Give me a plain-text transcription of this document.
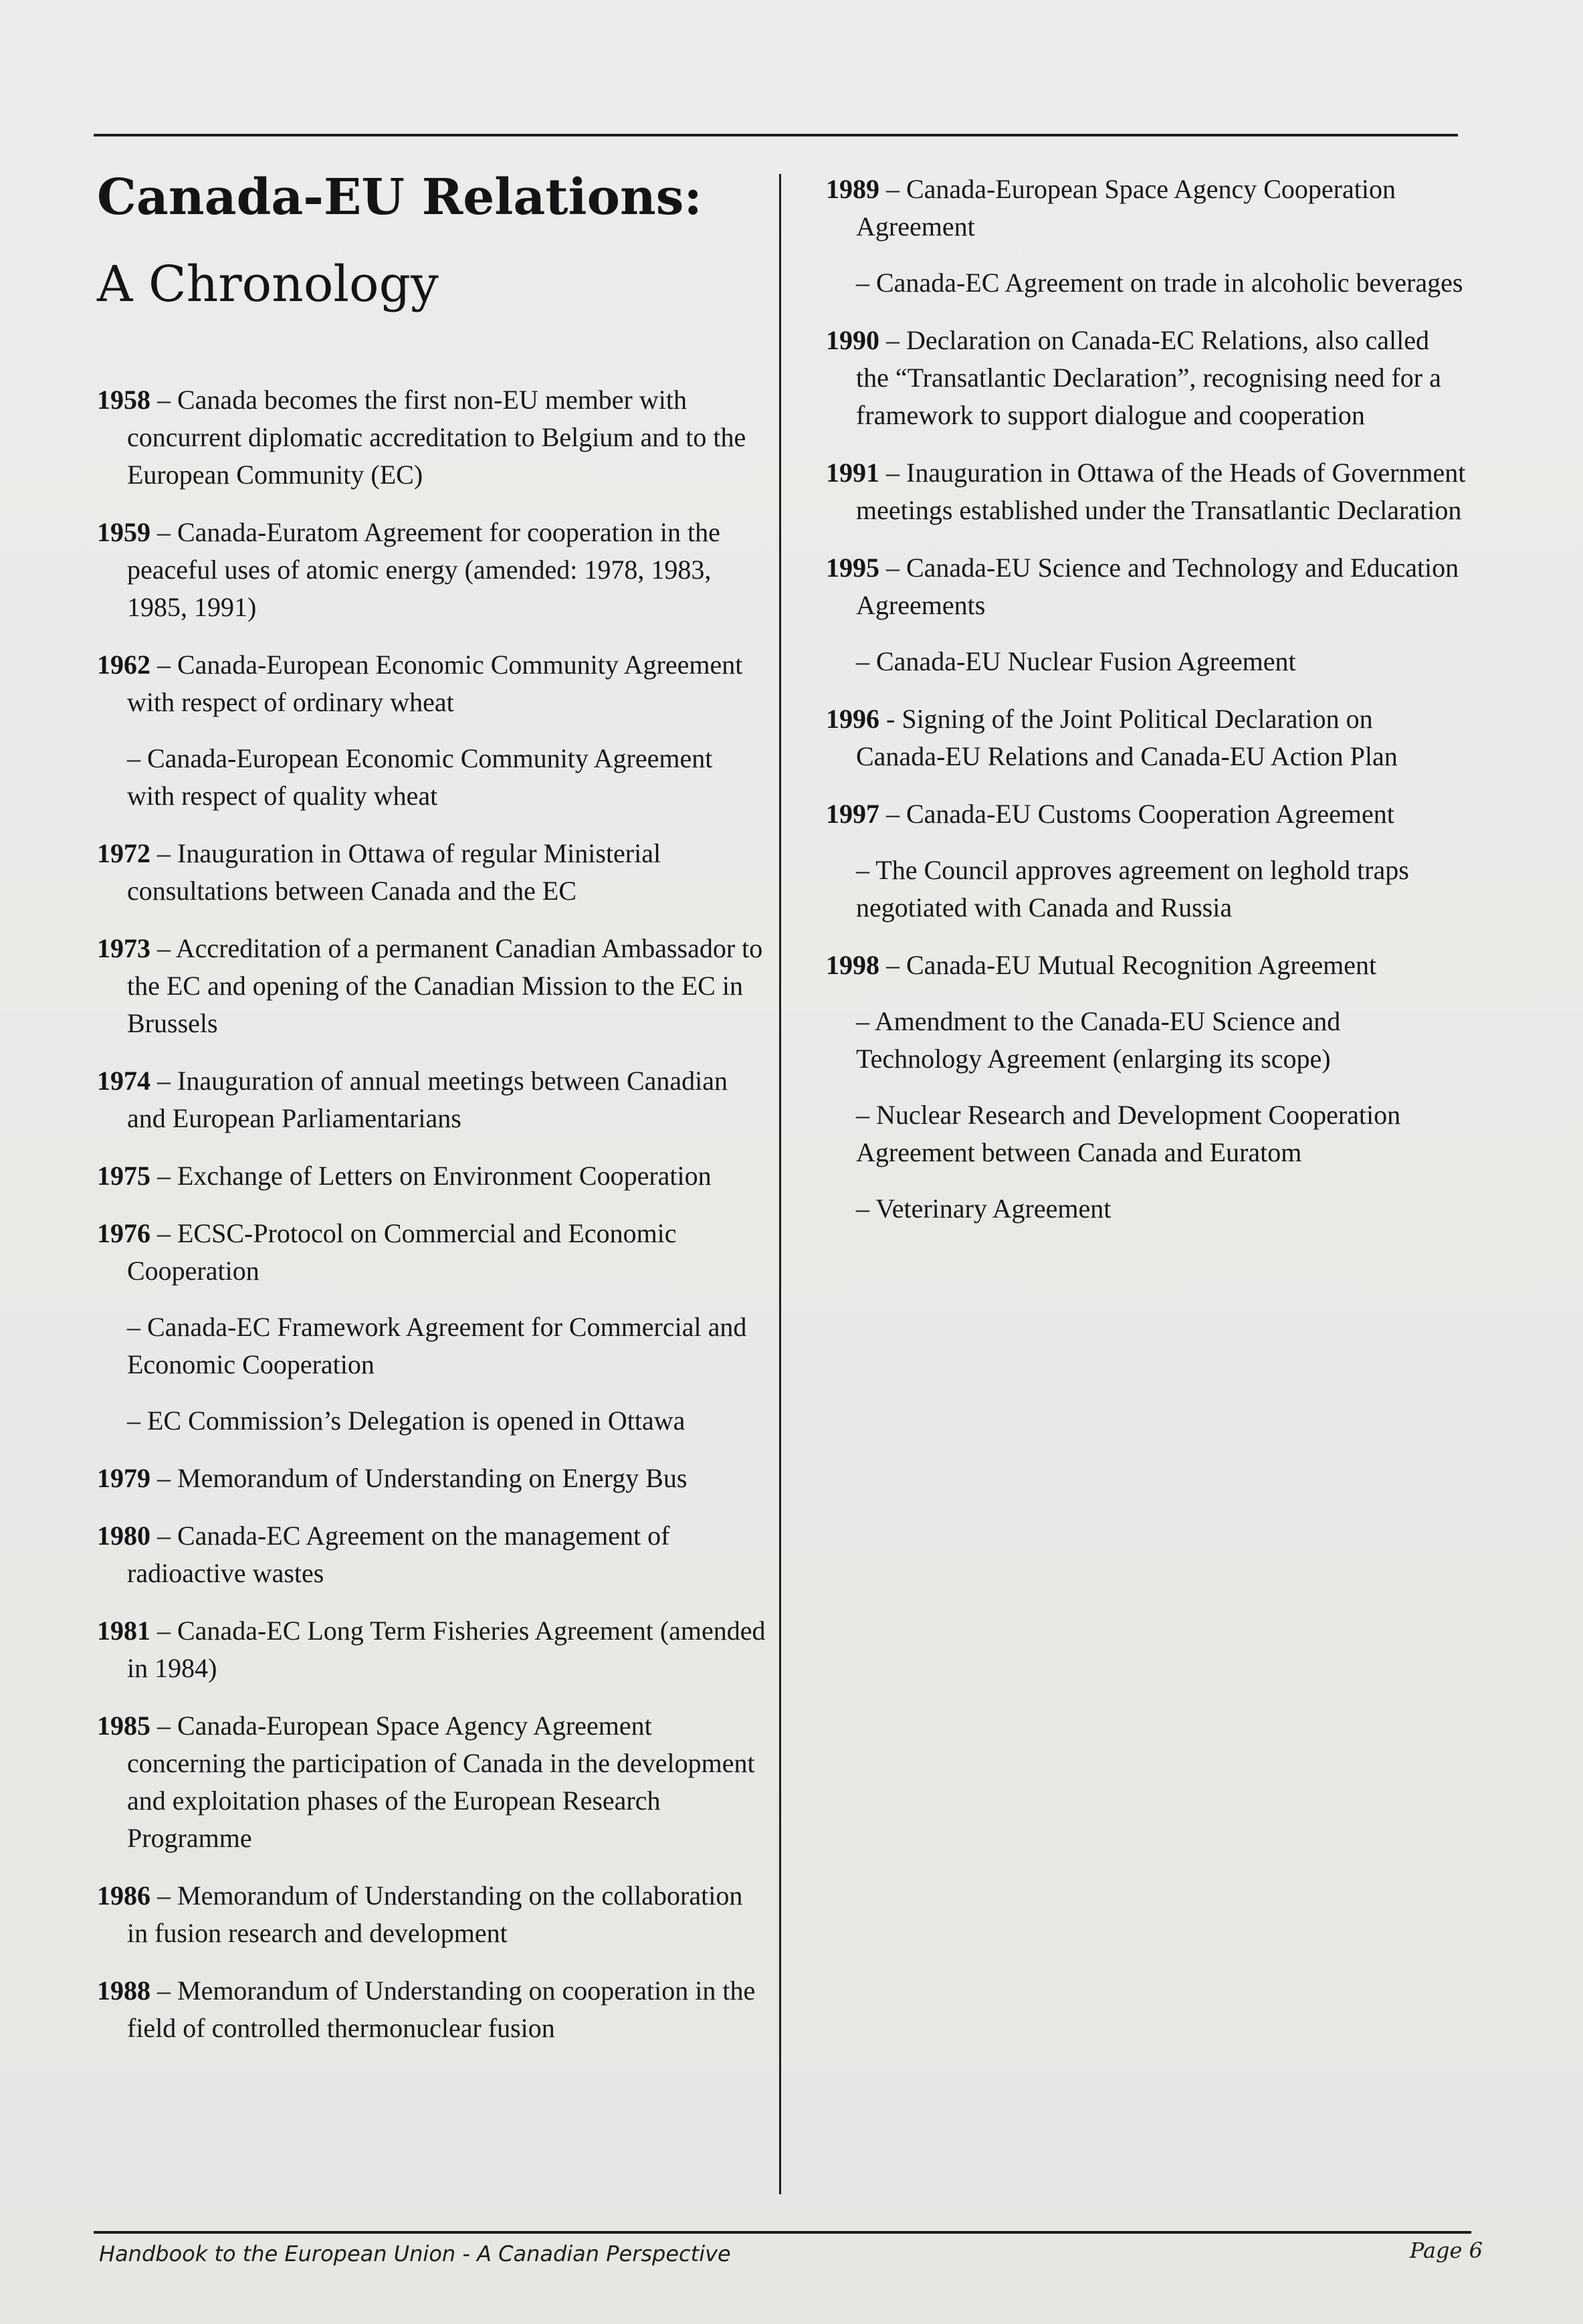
Canada-EU Relations:
A Chronology
1958 – Canada becomes the first non-EU member with concurrent diplomatic accreditation to Belgium and to the European Community (EC)
1959 – Canada-Euratom Agreement for cooperation in the peaceful uses of atomic energy (amended: 1978, 1983, 1985, 1991)
1962 – Canada-European Economic Community Agreement with respect of ordinary wheat
– Canada-European Economic Community Agreement with respect of quality wheat
1972 – Inauguration in Ottawa of regular Ministerial consultations between Canada and the EC
1973 – Accreditation of a permanent Canadian Ambassador to the EC and opening of the Canadian Mission to the EC in Brussels
1974 – Inauguration of annual meetings between Canadian and European Parliamentarians
1975 – Exchange of Letters on Environment Cooperation
1976 – ECSC-Protocol on Commercial and Economic Cooperation
– Canada-EC Framework Agreement for Commercial and Economic Cooperation
– EC Commission’s Delegation is opened in Ottawa
1979 – Memorandum of Understanding on Energy Bus
1980 – Canada-EC Agreement on the management of radioactive wastes
1981 – Canada-EC Long Term Fisheries Agreement (amended in 1984)
1985 – Canada-European Space Agency Agreement concerning the participation of Canada in the development and exploitation phases of the European Research Programme
1986 – Memorandum of Understanding on the collaboration in fusion research and development
1988 – Memorandum of Understanding on cooperation in the field of controlled thermonuclear fusion
1989 – Canada-European Space Agency Cooperation Agreement
– Canada-EC Agreement on trade in alcoholic beverages
1990 – Declaration on Canada-EC Relations, also called the “Transatlantic Declaration”, recognising need for a framework to support dialogue and cooperation
1991 – Inauguration in Ottawa of the Heads of Government meetings established under the Transatlantic Declaration
1995 – Canada-EU Science and Technology and Education Agreements
– Canada-EU Nuclear Fusion Agreement
1996 - Signing of the Joint Political Declaration on Canada-EU Relations and Canada-EU Action Plan
1997 – Canada-EU Customs Cooperation Agreement
– The Council approves agreement on leghold traps negotiated with Canada and Russia
1998 – Canada-EU Mutual Recognition Agreement
– Amendment to the Canada-EU Science and Technology Agreement (enlarging its scope)
– Nuclear Research and Development Cooperation Agreement between Canada and Euratom
– Veterinary Agreement
Handbook to the European Union - A Canadian Perspective	Page 6
